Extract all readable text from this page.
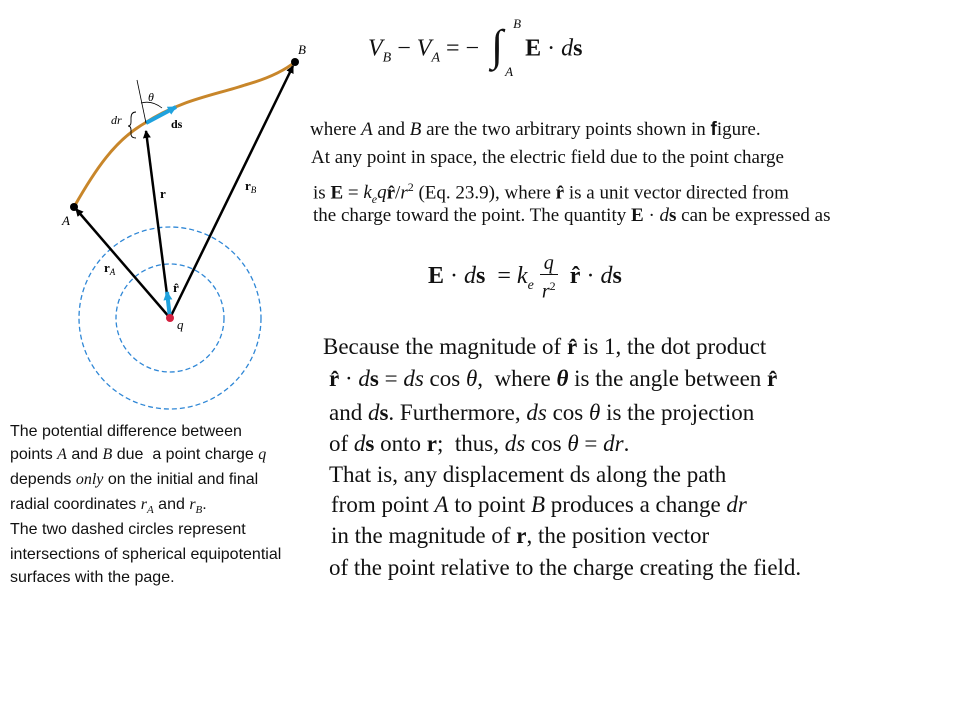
B
A
q
r
$r_A$
$r_B$
r̂
dr	ds
θ
$V_B - V_A$ = − ∫ B
A
E · ds
where A and B are the two arbitrary points shown in figure.
At any point in space, the electric field due to the point charge
is $E = k_eqr̂/r^2$ (Eq. 23.9), where r̂ is a unit vector directed from
the charge toward the point. The quantity E · ds can be expressed as
E · ds  = $k_e \frac{q}{r^2}$ r̂ · ds
Because the magnitude of r̂ is 1, the dot product
r̂ · ds = ds cos θ,  where θ is the angle between r̂
and ds. Furthermore, ds cos θ is the projection
of ds onto r;  thus, ds cos θ = dr.
That is, any displacement ds along the path
from point A to point B produces a change dr
in the magnitude of r, the position vector
of the point relative to the charge creating the field.
The potential difference between
points A and B due  a point charge q
depends only on the initial and final
radial coordinates $r_A$ and $r_B$.
The two dashed circles represent
intersections of spherical equipotential
surfaces with the page.
